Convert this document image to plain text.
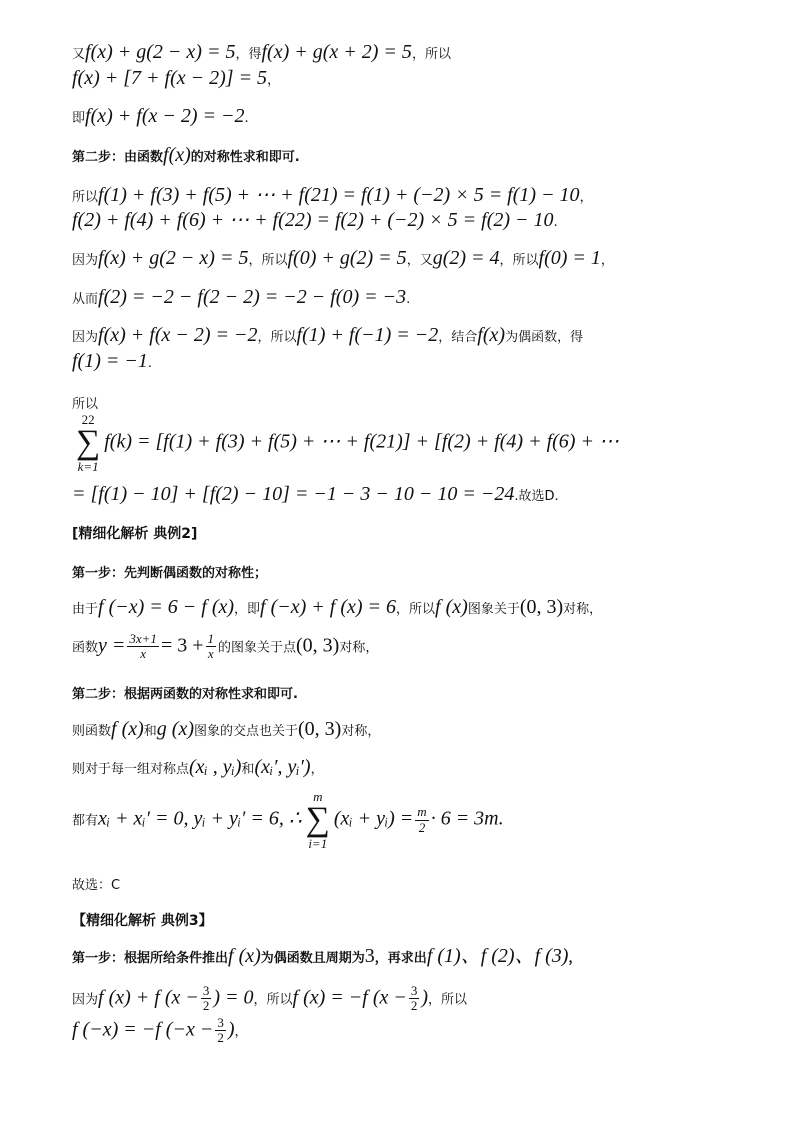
又f(x) + g(2 − x) = 5，得f(x) + g(x + 2) = 5，所以
f(x) + [7 + f(x − 2)] = 5，
即f(x) + f(x − 2) = −2.
第二步：由函数f(x)的对称性求和即可.
所以f(1) + f(3) + f(5) + ⋯ + f(21) = f(1) + (−2) × 5 = f(1) − 10，
f(2) + f(4) + f(6) + ⋯ + f(22) = f(2) + (−2) × 5 = f(2) − 10.
因为f(x) + g(2 − x) = 5，所以f(0) + g(2) = 5，又g(2) = 4，所以f(0) = 1，
从而f(2) = −2 − f(2 − 2) = −2 − f(0) = −3.
因为f(x) + f(x − 2) = −2，所以f(1) + f(−1) = −2，结合f(x)为偶函数，得
f(1) = −1.
所以
22
∑
k=1
f(k) = [f(1) + f(3) + f(5) + ⋯ + f(21)] + [f(2) + f(4) + f(6) + ⋯
= [f(1) − 10] + [f(2) − 10] = −1 − 3 − 10 − 10 = −24.故选D.
[精细化解析 典例2]
第一步：先判断偶函数的对称性；
由于f (−x) = 6 − f (x)，即f (−x) + f (x) = 6，所以f (x)图象关于(0, 3)对称，
函数$y = \frac{3x+1}{x} = 3 + \frac{1}{x}$ 的图象关于点(0, 3)对称，
第二步：根据两函数的对称性求和即可.
则函数f (x)和g (x)图象的交点也关于(0, 3)对称，
则对于每一组对称点(xᵢ , yᵢ)和(xᵢ′, yᵢ′)，
都有xᵢ + xᵢ′ = 0, yᵢ + yᵢ′ = 6, ∴
m
∑
i=1
(xᵢ + yᵢ) = $\frac{m}{2} \cdot 6 = 3m$.
故选：C
【精细化解析 典例3】
第一步：根据所给条件推出f (x)为偶函数且周期为3，再求出f (1)、f (2)、f (3)，
因为f (x) + f ($x - \frac{3}{2}$ ) = 0，所以f (x) = −f ($x - \frac{3}{2}$ )，所以
f (−x) = −f ($-x - \frac{3}{2}$ )，
